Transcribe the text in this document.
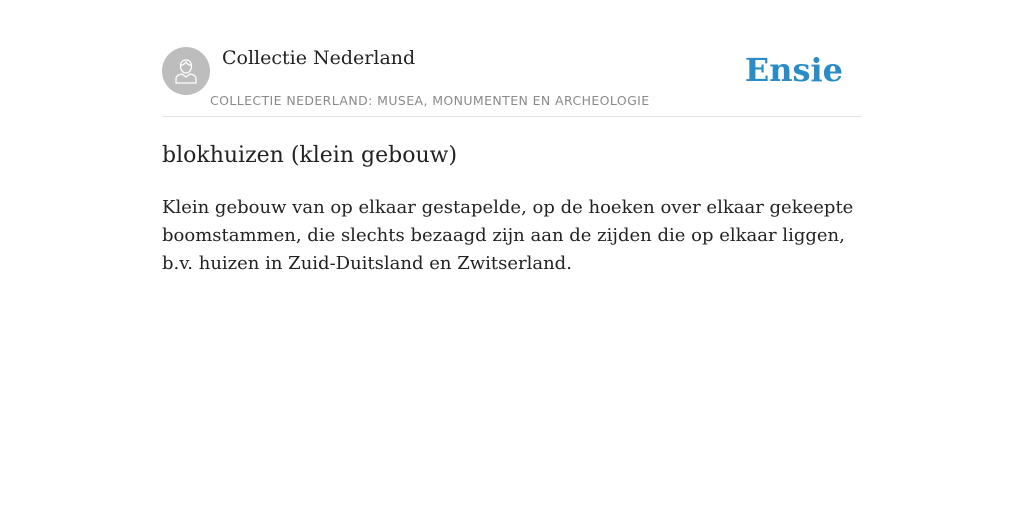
Collectie Nederland
COLLECTIE NEDERLAND: MUSEA, MONUMENTEN EN ARCHEOLOGIE
Ensie
blokhuizen (klein gebouw)

Klein gebouw van op elkaar gestapelde, op de hoeken over elkaar gekeepte boomstammen, die slechts bezaagd zijn aan de zijden die op elkaar liggen, b.v. huizen in Zuid-Duitsland en Zwitserland.
